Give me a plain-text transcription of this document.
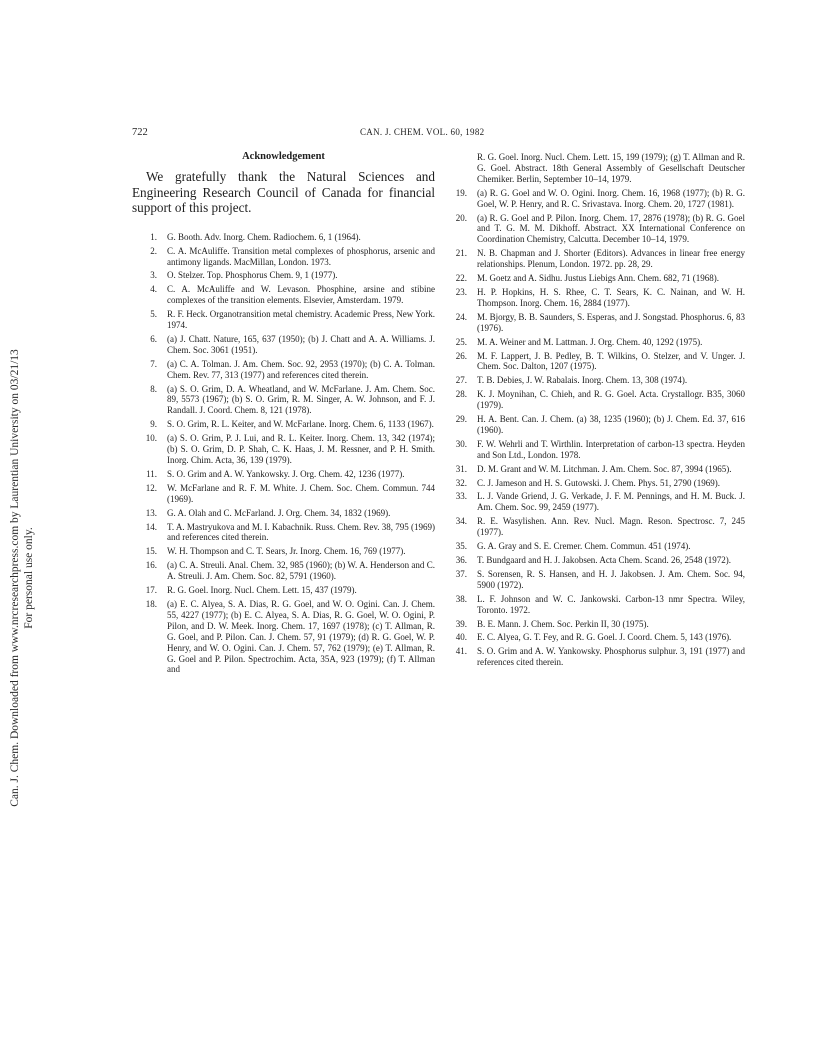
Can. J. Chem. Downloaded from www.nrcresearchpress.com by Laurentian University on 03/21/13 For personal use only.
722	CAN. J. CHEM. VOL. 60, 1982
Acknowledgement

We gratefully thank the Natural Sciences and Engineering Research Council of Canada for financial support of this project.

1. G. Booth. Adv. Inorg. Chem. Radiochem. 6, 1 (1964).
2. C. A. McAuliffe. Transition metal complexes of phosphorus, arsenic and antimony ligands. MacMillan, London. 1973.
3. O. Stelzer. Top. Phosphorus Chem. 9, 1 (1977).
4. C. A. McAuliffe and W. Levason. Phosphine, arsine and stibine complexes of the transition elements. Elsevier, Amsterdam. 1979.
5. R. F. Heck. Organotransition metal chemistry. Academic Press, New York. 1974.
6. (a) J. Chatt. Nature, 165, 637 (1950); (b) J. Chatt and A. A. Williams. J. Chem. Soc. 3061 (1951).
7. (a) C. A. Tolman. J. Am. Chem. Soc. 92, 2953 (1970); (b) C. A. Tolman. Chem. Rev. 77, 313 (1977) and references cited therein.
8. (a) S. O. Grim, D. A. Wheatland, and W. McFarlane. J. Am. Chem. Soc. 89, 5573 (1967); (b) S. O. Grim, R. M. Singer, A. W. Johnson, and F. J. Randall. J. Coord. Chem. 8, 121 (1978).
9. S. O. Grim, R. L. Keiter, and W. McFarlane. Inorg. Chem. 6, 1133 (1967).
10. (a) S. O. Grim, P. J. Lui, and R. L. Keiter. Inorg. Chem. 13, 342 (1974); (b) S. O. Grim, D. P. Shah, C. K. Haas, J. M. Ressner, and P. H. Smith. Inorg. Chim. Acta, 36, 139 (1979).
11. S. O. Grim and A. W. Yankowsky. J. Org. Chem. 42, 1236 (1977).
12. W. McFarlane and R. F. M. White. J. Chem. Soc. Chem. Commun. 744 (1969).
13. G. A. Olah and C. McFarland. J. Org. Chem. 34, 1832 (1969).
14. T. A. Mastryukova and M. I. Kabachnik. Russ. Chem. Rev. 38, 795 (1969) and references cited therein.
15. W. H. Thompson and C. T. Sears, Jr. Inorg. Chem. 16, 769 (1977).
16. (a) C. A. Streuli. Anal. Chem. 32, 985 (1960); (b) W. A. Henderson and C. A. Streuli. J. Am. Chem. Soc. 82, 5791 (1960).
17. R. G. Goel. Inorg. Nucl. Chem. Lett. 15, 437 (1979).
18. (a) E. C. Alyea, S. A. Dias, R. G. Goel, and W. O. Ogini. Can. J. Chem. 55, 4227 (1977); (b) E. C. Alyea, S. A. Dias, R. G. Goel, W. O. Ogini, P. Pilon, and D. W. Meek. Inorg. Chem. 17, 1697 (1978); (c) T. Allman, R. G. Goel, and P. Pilon. Can. J. Chem. 57, 91 (1979); (d) R. G. Goel, W. P. Henry, and W. O. Ogini. Can. J. Chem. 57, 762 (1979); (e) T. Allman, R. G. Goel and P. Pilon. Spectrochim. Acta, 35A, 923 (1979); (f) T. Allman and
R. G. Goel. Inorg. Nucl. Chem. Lett. 15, 199 (1979); (g) T. Allman and R. G. Goel. Abstract. 18th General Assembly of Gesellschaft Deutscher Chemiker. Berlin, September 10–14, 1979.
19. (a) R. G. Goel and W. O. Ogini. Inorg. Chem. 16, 1968 (1977); (b) R. G. Goel, W. P. Henry, and R. C. Srivastava. Inorg. Chem. 20, 1727 (1981).
20. (a) R. G. Goel and P. Pilon. Inorg. Chem. 17, 2876 (1978); (b) R. G. Goel and T. G. M. M. Dikhoff. Abstract. XX International Conference on Coordination Chemistry, Calcutta. December 10–14, 1979.
21. N. B. Chapman and J. Shorter (Editors). Advances in linear free energy relationships. Plenum, London. 1972. pp. 28, 29.
22. M. Goetz and A. Sidhu. Justus Liebigs Ann. Chem. 682, 71 (1968).
23. H. P. Hopkins, H. S. Rhee, C. T. Sears, K. C. Nainan, and W. H. Thompson. Inorg. Chem. 16, 2884 (1977).
24. M. Bjorgy, B. B. Saunders, S. Esperas, and J. Songstad. Phosphorus. 6, 83 (1976).
25. M. A. Weiner and M. Lattman. J. Org. Chem. 40, 1292 (1975).
26. M. F. Lappert, J. B. Pedley, B. T. Wilkins, O. Stelzer, and V. Unger. J. Chem. Soc. Dalton, 1207 (1975).
27. T. B. Debies, J. W. Rabalais. Inorg. Chem. 13, 308 (1974).
28. K. J. Moynihan, C. Chieh, and R. G. Goel. Acta. Crystallogr. B35, 3060 (1979).
29. H. A. Bent. Can. J. Chem. (a) 38, 1235 (1960); (b) J. Chem. Ed. 37, 616 (1960).
30. F. W. Wehrli and T. Wirthlin. Interpretation of carbon-13 spectra. Heyden and Son Ltd., London. 1978.
31. D. M. Grant and W. M. Litchman. J. Am. Chem. Soc. 87, 3994 (1965).
32. C. J. Jameson and H. S. Gutowski. J. Chem. Phys. 51, 2790 (1969).
33. L. J. Vande Griend, J. G. Verkade, J. F. M. Pennings, and H. M. Buck. J. Am. Chem. Soc. 99, 2459 (1977).
34. R. E. Wasylishen. Ann. Rev. Nucl. Magn. Reson. Spectrosc. 7, 245 (1977).
35. G. A. Gray and S. E. Cremer. Chem. Commun. 451 (1974).
36. T. Bundgaard and H. J. Jakobsen. Acta Chem. Scand. 26, 2548 (1972).
37. S. Sorensen, R. S. Hansen, and H. J. Jakobsen. J. Am. Chem. Soc. 94, 5900 (1972).
38. L. F. Johnson and W. C. Jankowski. Carbon-13 nmr Spectra. Wiley, Toronto. 1972.
39. B. E. Mann. J. Chem. Soc. Perkin II, 30 (1975).
40. E. C. Alyea, G. T. Fey, and R. G. Goel. J. Coord. Chem. 5, 143 (1976).
41. S. O. Grim and A. W. Yankowsky. Phosphorus sulphur. 3, 191 (1977) and references cited therein.
